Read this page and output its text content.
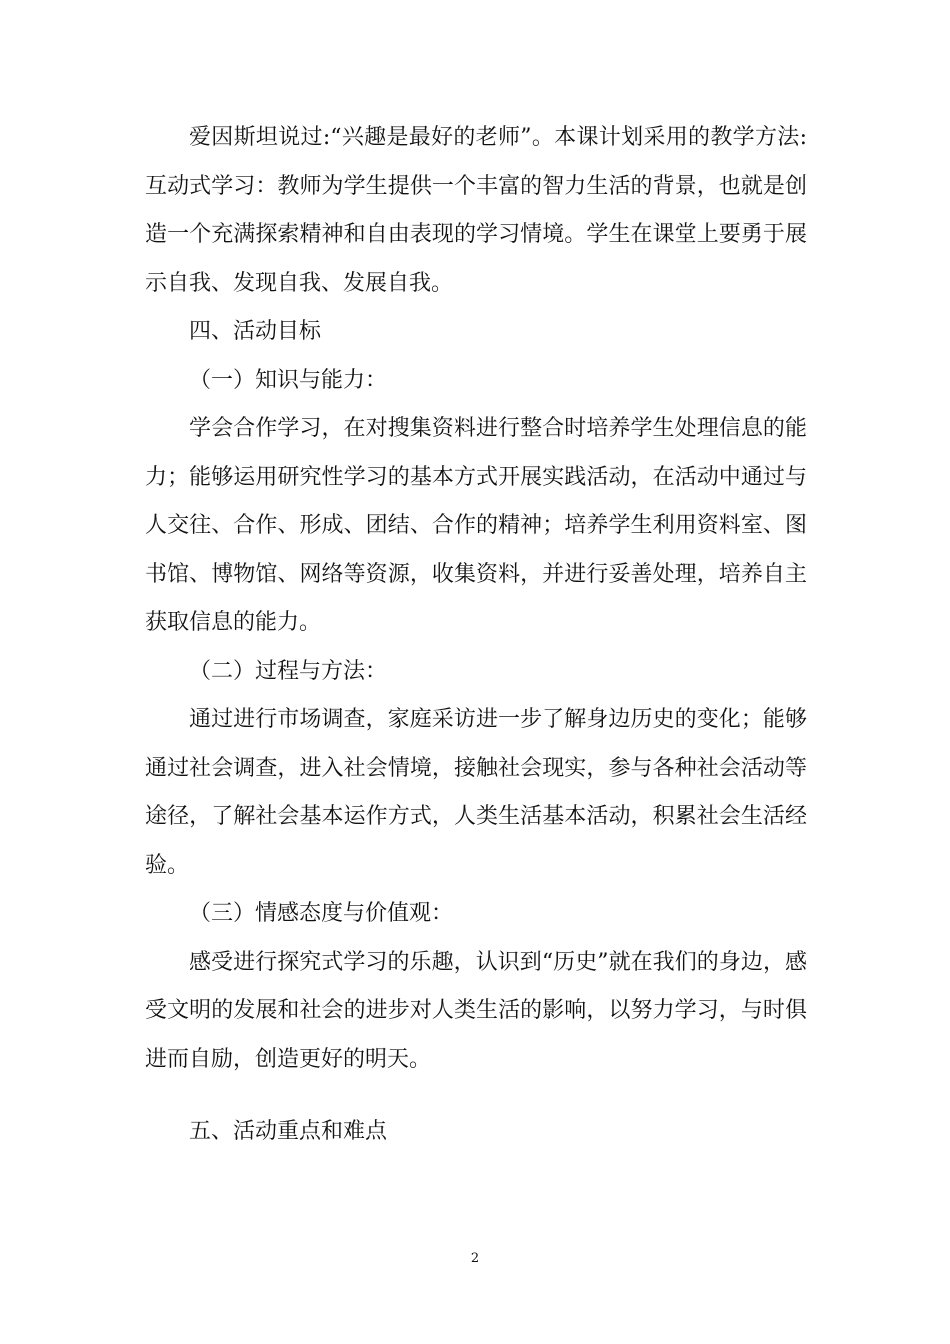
爱因斯坦说过:“兴趣是最好的老师”。本课计划采用的教学方法:互动式学习：教师为学生提供一个丰富的智力生活的背景，也就是创造一个充满探索精神和自由表现的学习情境。学生在课堂上要勇于展示自我、发现自我、发展自我。

四、活动目标

（一）知识与能力：

学会合作学习，在对搜集资料进行整合时培养学生处理信息的能力；能够运用研究性学习的基本方式开展实践活动，在活动中通过与人交往、合作、形成、团结、合作的精神；培养学生利用资料室、图书馆、博物馆、网络等资源，收集资料，并进行妥善处理，培养自主获取信息的能力。

（二）过程与方法：

通过进行市场调查，家庭采访进一步了解身边历史的变化；能够通过社会调查，进入社会情境，接触社会现实，参与各种社会活动等途径，了解社会基本运作方式，人类生活基本活动，积累社会生活经验。

（三）情感态度与价值观：

感受进行探究式学习的乐趣，认识到“历史”就在我们的身边，感受文明的发展和社会的进步对人类生活的影响，以努力学习，与时俱进而自励，创造更好的明天。

五、活动重点和难点

2
